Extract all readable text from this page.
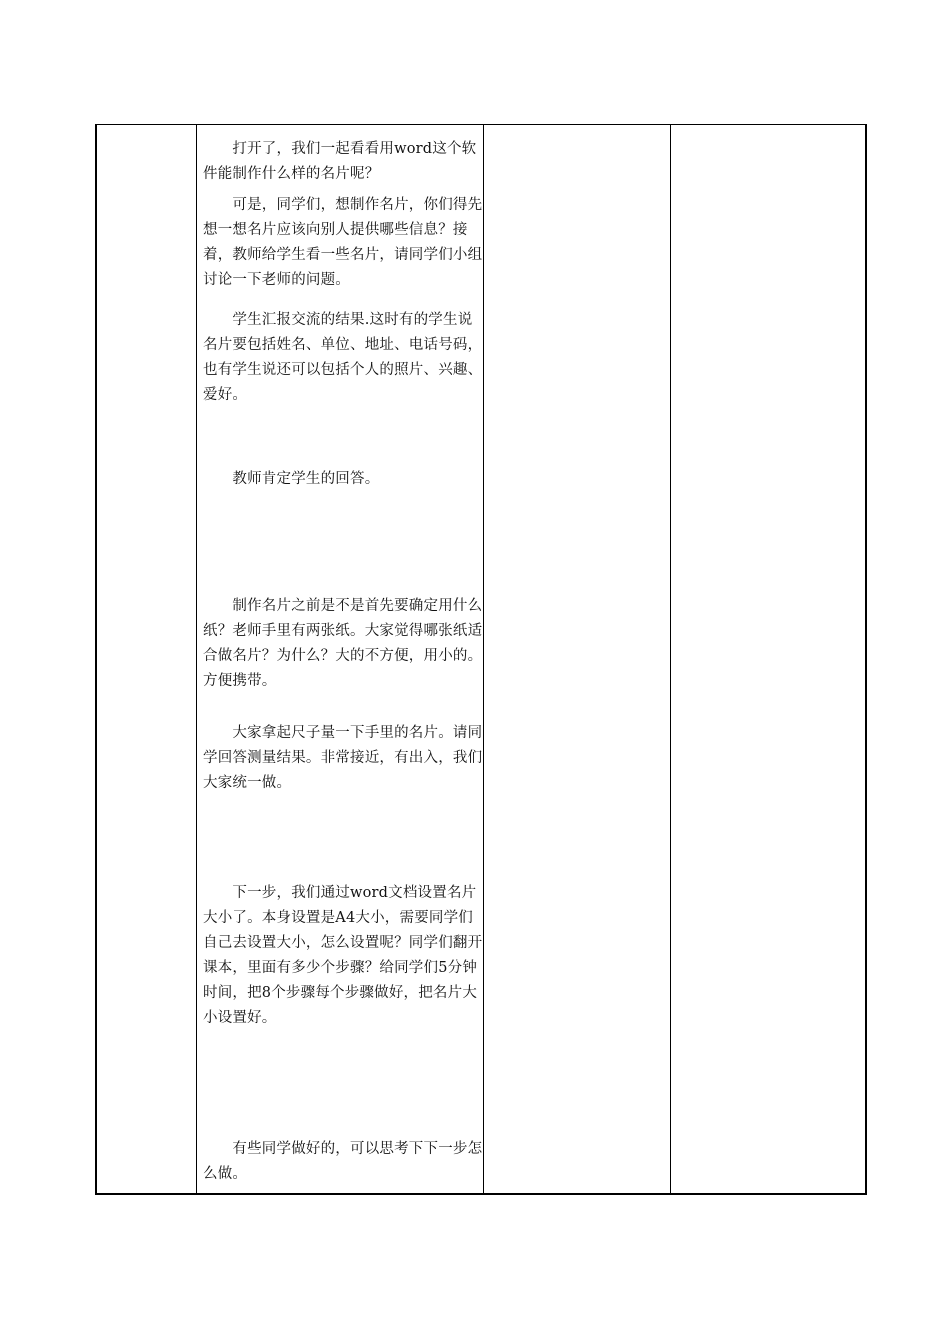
　　打开了，我们一起看看用word这个软件能制作什么样的名片呢？

　　可是，同学们，想制作名片，你们得先想一想名片应该向别人提供哪些信息？接着，教师给学生看一些名片，请同学们小组讨论一下老师的问题。

　　学生汇报交流的结果.这时有的学生说名片要包括姓名、单位、地址、电话号码，也有学生说还可以包括个人的照片、兴趣、爱好。

　　教师肯定学生的回答。

　　制作名片之前是不是首先要确定用什么纸？老师手里有两张纸。大家觉得哪张纸适合做名片？为什么？大的不方便，用小的。方便携带。

　　大家拿起尺子量一下手里的名片。请同学回答测量结果。非常接近，有出入，我们大家统一做。

　　下一步，我们通过word文档设置名片大小了。本身设置是A4大小，需要同学们自己去设置大小，怎么设置呢？同学们翻开课本，里面有多少个步骤？给同学们5分钟时间，把8个步骤每个步骤做好，把名片大小设置好。

　　有些同学做好的，可以思考下下一步怎么做。
